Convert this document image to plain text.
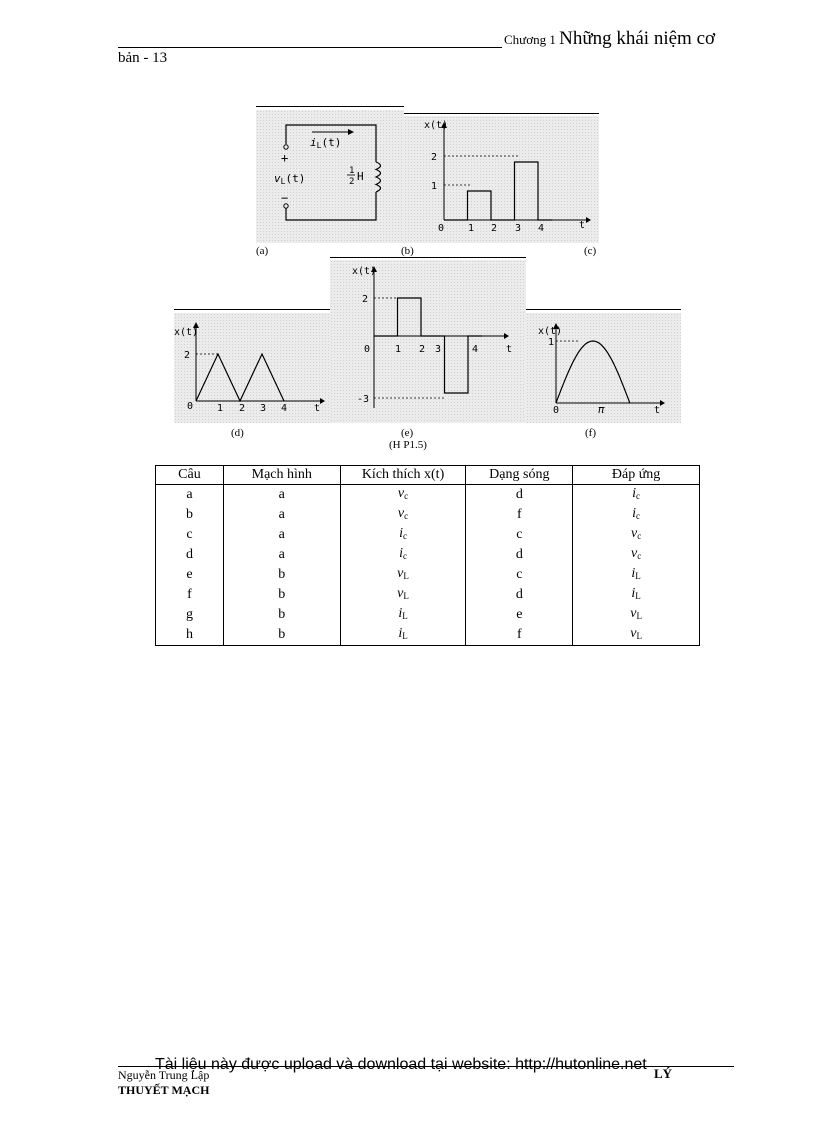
Chương 1 Những khái niệm cơ
bản - 13
iL(t)
+
vL(t)
−
1
2 H
x(t)
2
1
0 1 2 3 4	t
x(t)
2
0 1 2 3 4	t
x(t)
2
-3
0 1 2 3	4	t
x(t)
1
0	π	t
(a)	(b)	(c)
(d)	(e)	(f)
(H P1.5)
Câu	Mạch hình	Kích thích x(t)	Dạng sóng	Đáp ứng
a	a	$v_c$	d	$i_c$
b	a	$v_c$	f	$i_c$
c	a	$i_c$	c	$v_c$
d	a	$i_c$	d	$v_c$
e	b	$v_L$	c	$i_L$
f	b	$v_L$	d	$i_L$
g	b	$i_L$	e	$v_L$
h	b	$i_L$	f	$v_L$
Tài liệu này được upload và download tại website: http://hutonline.net
Nguyễn Trung Lập	LÝ
THUYẾT MẠCH
